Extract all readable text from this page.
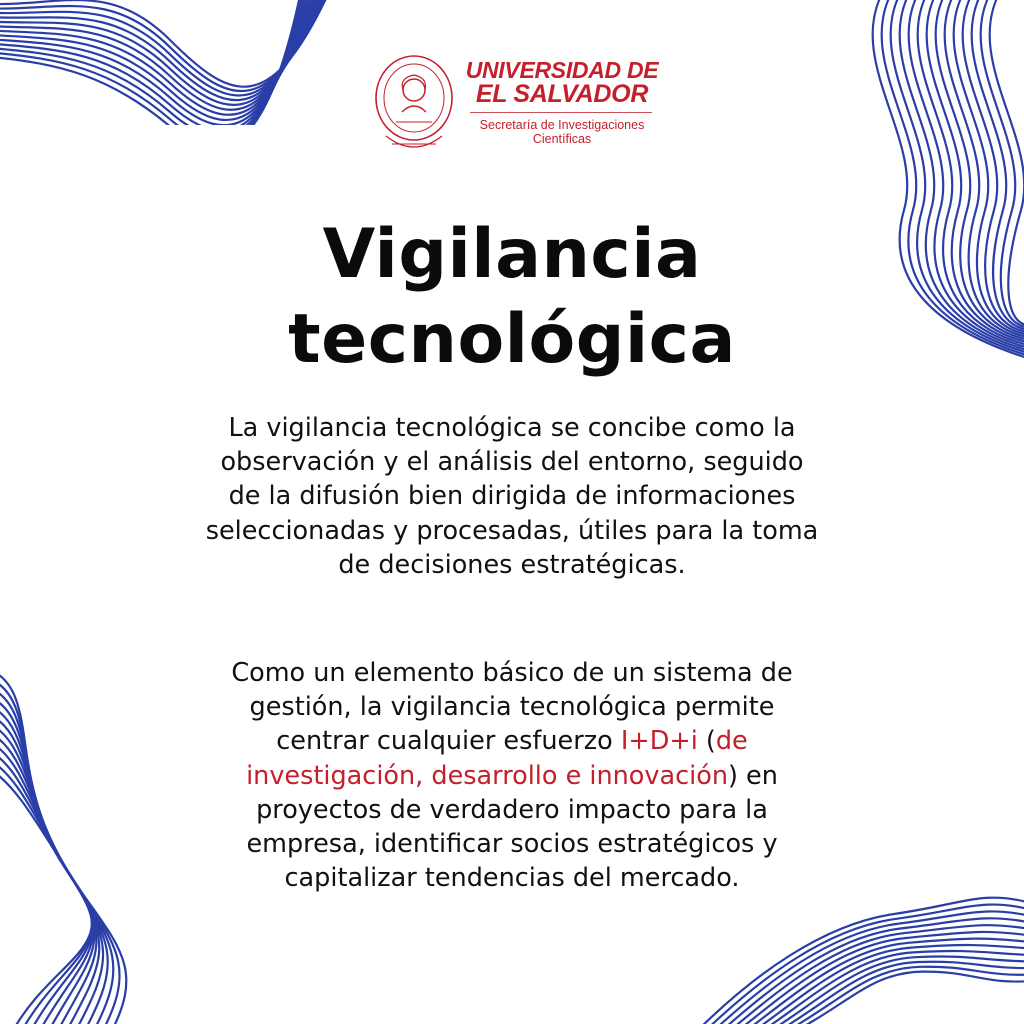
UNIVERSIDAD DE
EL SALVADOR
Secretaría de Investigaciones
Científicas
Vigilancia
tecnológica
La vigilancia tecnológica se concibe como la
observación y el análisis del entorno, seguido
de la difusión bien dirigida de informaciones
seleccionadas y procesadas, útiles para la toma
de decisiones estratégicas.
Como un elemento básico de un sistema de
gestión, la vigilancia tecnológica permite
centrar cualquier esfuerzo I+D+i (de
investigación, desarrollo e innovación) en
proyectos de verdadero impacto para la
empresa, identificar socios estratégicos y
capitalizar tendencias del mercado.
